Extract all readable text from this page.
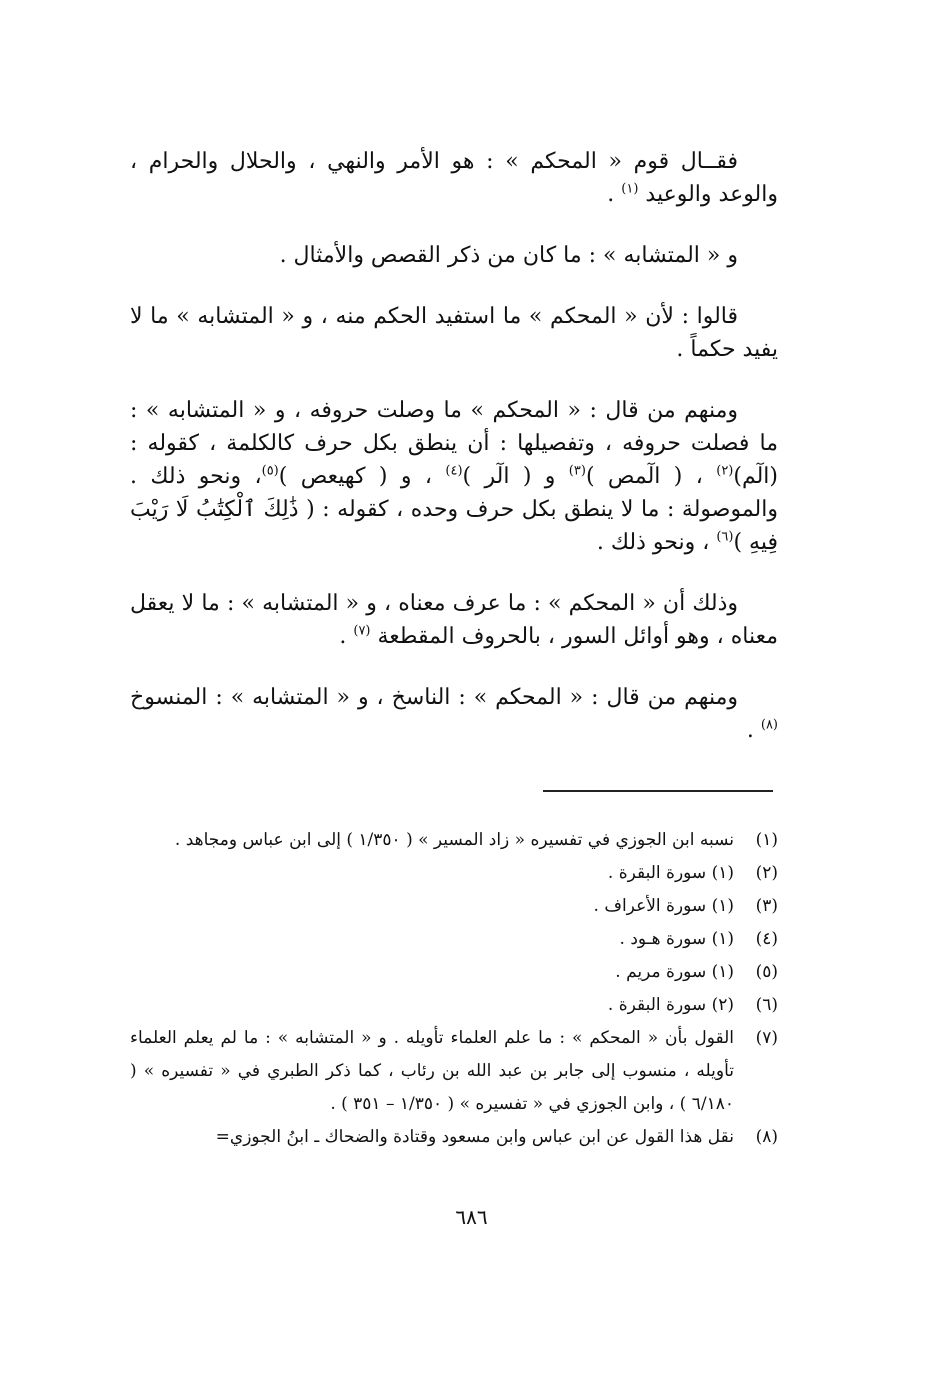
فقــال قوم « المحكم » : هو الأمر والنهي ، والحلال والحرام ، والوعد والوعيد $^{(١)}$ .

و « المتشابه » : ما كان من ذكر القصص والأمثال .

قالوا : لأن « المحكم » ما استفيد الحكم منه ، و « المتشابه » ما لا يفيد حكماً .

ومنهم من قال : « المحكم » ما وصلت حروفه ، و « المتشابه » : ما فصلت حروفه ، وتفصيلها : أن ينطق بكل حرف كالكلمة ، كقوله : (الٓم)$^{(٢)}$ ، ( الٓمص )$^{(٣)}$ و ( الٓر )$^{(٤)}$ ، و ( كهيعص )$^{(٥)}$، ونحو ذلك . والموصولة : ما لا ينطق بكل حرف وحده ، كقوله : ( ذَٰلِكَ ٱلْكِتَٰبُ لَا رَيْبَ فِيهِ )$^{(٦)}$ ، ونحو ذلك .

وذلك أن « المحكم » : ما عرف معناه ، و « المتشابه » : ما لا يعقل معناه ، وهو أوائل السور ، بالحروف المقطعة $^{(٧)}$ .

ومنهم من قال : « المحكم » : الناسخ ، و « المتشابه » : المنسوخ $^{(٨)}$ .

(١)
نسبه ابن الجوزي في تفسيره « زاد المسير » ( ١/٣٥٠ ) إلى ابن عباس ومجاهد .
(٢)
(١) سورة البقرة .
(٣)
(١) سورة الأعراف .
(٤)
(١) سورة هـود .
(٥)
(١) سورة مريم .
(٦)
(٢) سورة البقرة .
(٧)
القول بأن « المحكم » : ما علم العلماء تأويله . و « المتشابه » : ما لم يعلم العلماء تأويله ، منسوب إلى جابر بن عبد الله بن رئاب ، كما ذكر الطبري في « تفسيره » ( ٦/١٨٠ ) ، وابن الجوزي في « تفسيره » ( ١/٣٥٠ – ٣٥١ ) .
(٨)
نقل هذا القول عن ابن عباس وابن مسعود وقتادة والضحاك ـ ابنُ الجوزي=
٦٨٦
